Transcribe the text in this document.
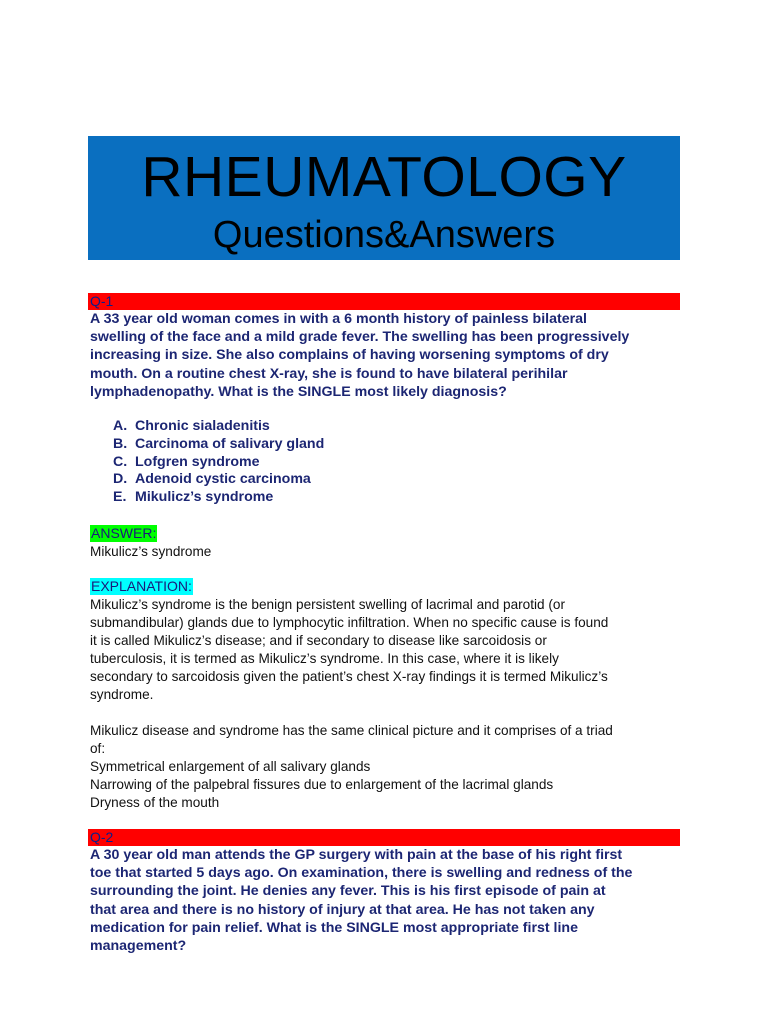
RHEUMATOLOGY
Questions&Answers
Q-1
A 33 year old woman comes in with a 6 month history of painless bilateral
swelling of the face and a mild grade fever. The swelling has been progressively
increasing in size. She also complains of having worsening symptoms of dry
mouth. On a routine chest X-ray, she is found to have bilateral perihilar
lymphadenopathy. What is the SINGLE most likely diagnosis?
A. Chronic sialadenitis
B. Carcinoma of salivary gland
C. Lofgren syndrome
D. Adenoid cystic carcinoma
E. Mikulicz’s syndrome
ANSWER:
Mikulicz’s syndrome
EXPLANATION:
Mikulicz’s syndrome is the benign persistent swelling of lacrimal and parotid (or
submandibular) glands due to lymphocytic infiltration. When no specific cause is found
it is called Mikulicz’s disease; and if secondary to disease like sarcoidosis or
tuberculosis, it is termed as Mikulicz’s syndrome. In this case, where it is likely
secondary to sarcoidosis given the patient’s chest X-ray findings it is termed Mikulicz’s
syndrome.
Mikulicz disease and syndrome has the same clinical picture and it comprises of a triad
of:
Symmetrical enlargement of all salivary glands
Narrowing of the palpebral fissures due to enlargement of the lacrimal glands
Dryness of the mouth
Q-2
A 30 year old man attends the GP surgery with pain at the base of his right first
toe that started 5 days ago. On examination, there is swelling and redness of the
surrounding the joint. He denies any fever. This is his first episode of pain at
that area and there is no history of injury at that area. He has not taken any
medication for pain relief. What is the SINGLE most appropriate first line
management?
